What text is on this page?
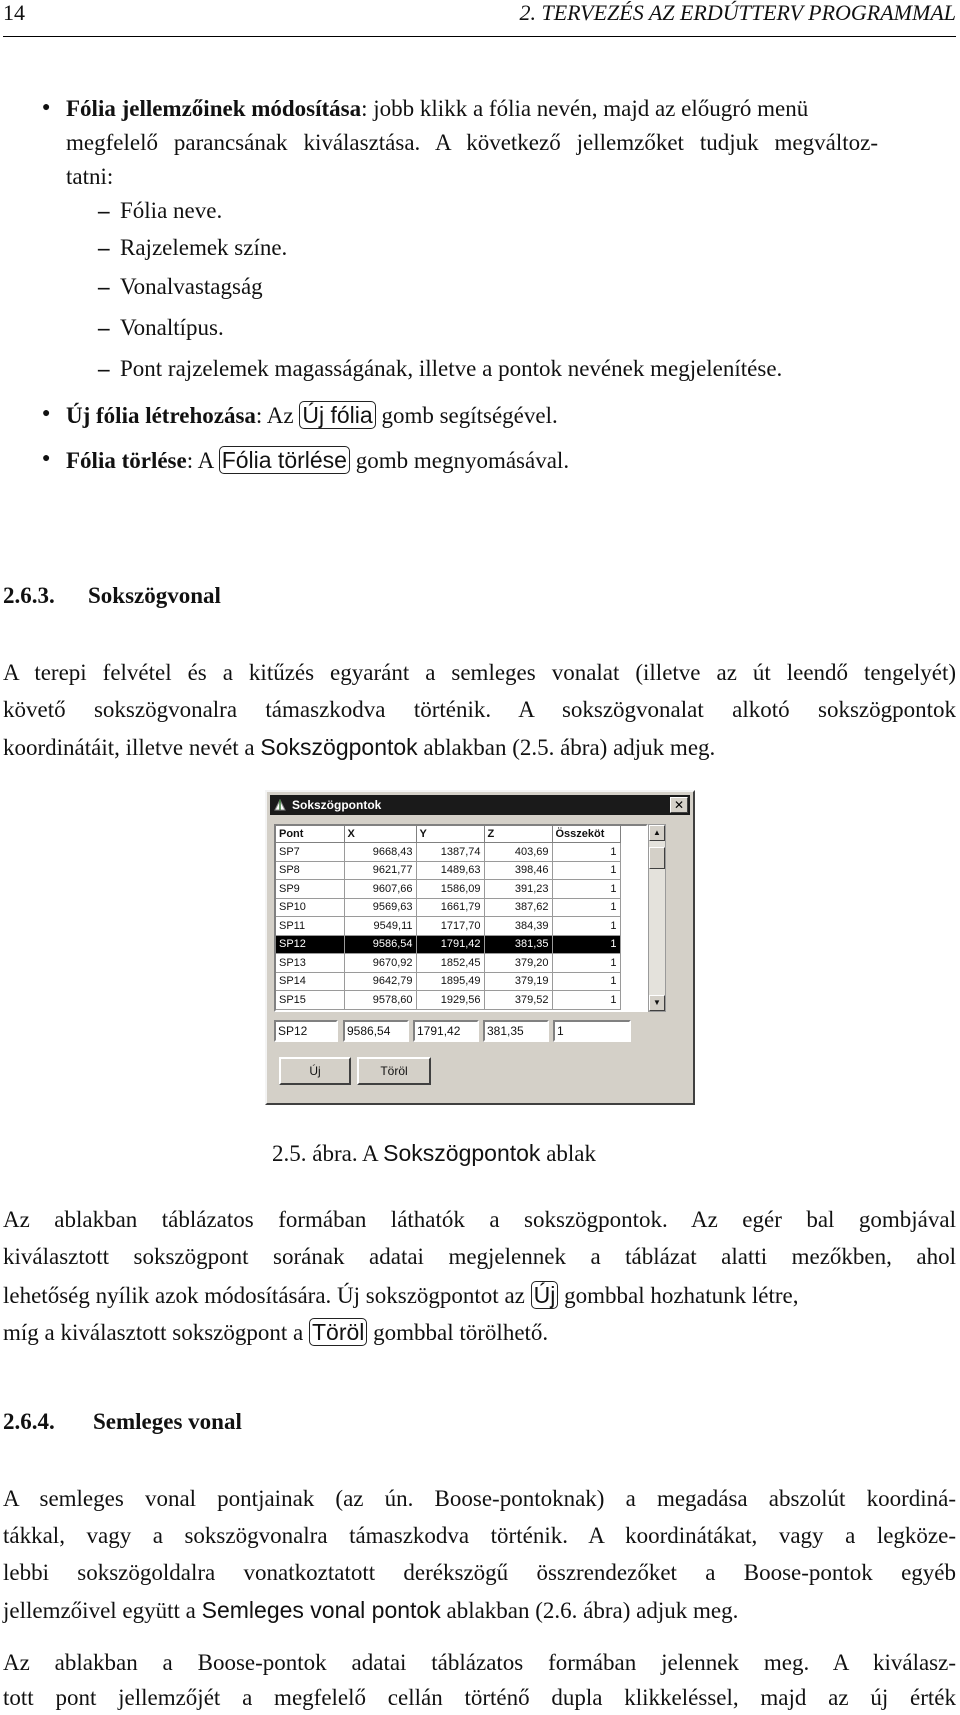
14	2. TERVEZÉS AZ ERDÚTTERV PROGRAMMAL
● Fólia jellemzőinek módosítása: jobb klikk a fólia nevén, majd az előugró menü
megfelelő parancsának kiválasztása. A következő jellemzőket tudjuk megváltoz-
tatni:
– Fólia neve.
– Rajzelemek színe.
– Vonalvastagság
– Vonaltípus.
– Pont rajzelemek magasságának, illetve a pontok nevének megjelenítése.
● Új fólia létrehozása: Az Új fólia gomb segítségével.
● Fólia törlése: A Fólia törlése gomb megnyomásával.
2.6.3. Sokszögvonal
A terepi felvétel és a kitűzés egyaránt a semleges vonalat (illetve az út leendő tengelyét)
követő sokszögvonalra támaszkodva történik. A sokszögvonalat alkotó sokszögpontok
koordinátáit, illetve nevét a Sokszögpontok ablakban (2.5. ábra) adjuk meg.
Sokszögpontok	✕
Pont	X	Y	Z	Összeköt
SP7	9668,43	1387,74	403,69	1
SP8	9621,77	1489,63	398,46	1
SP9	9607,66	1586,09	391,23	1
SP10	9569,63	1661,79	387,62	1
SP11	9549,11	1717,70	384,39	1
SP12	9586,54	1791,42	381,35	1
SP13	9670,92	1852,45	379,20	1
SP14	9642,79	1895,49	379,19	1
SP15	9578,60	1929,56	379,52	1
▲
▼
SP12	9586,54	1791,42	381,35	1
Új	Töröl
2.5. ábra. A Sokszögpontok ablak
Az ablakban táblázatos formában láthatók a sokszögpontok. Az egér bal gombjával
kiválasztott sokszögpont sorának adatai megjelennek a táblázat alatti mezőkben, ahol
lehetőség nyílik azok módosítására. Új sokszögpontot az Új gombbal hozhatunk létre,
míg a kiválasztott sokszögpont a Töröl gombbal törölhető.
2.6.4. Semleges vonal
A semleges vonal pontjainak (az ún. Boose-pontoknak) a megadása abszolút koordiná-
tákkal, vagy a sokszögvonalra támaszkodva történik. A koordinátákat, vagy a legköze-
lebbi sokszögoldalra vonatkoztatott derékszögű összrendezőket a Boose-pontok egyéb
jellemzőivel együtt a Semleges vonal pontok ablakban (2.6. ábra) adjuk meg.
Az ablakban a Boose-pontok adatai táblázatos formában jelennek meg. A kiválasz-
tott pont jellemzőjét a megfelelő cellán történő dupla klikkeléssel, majd az új érték
